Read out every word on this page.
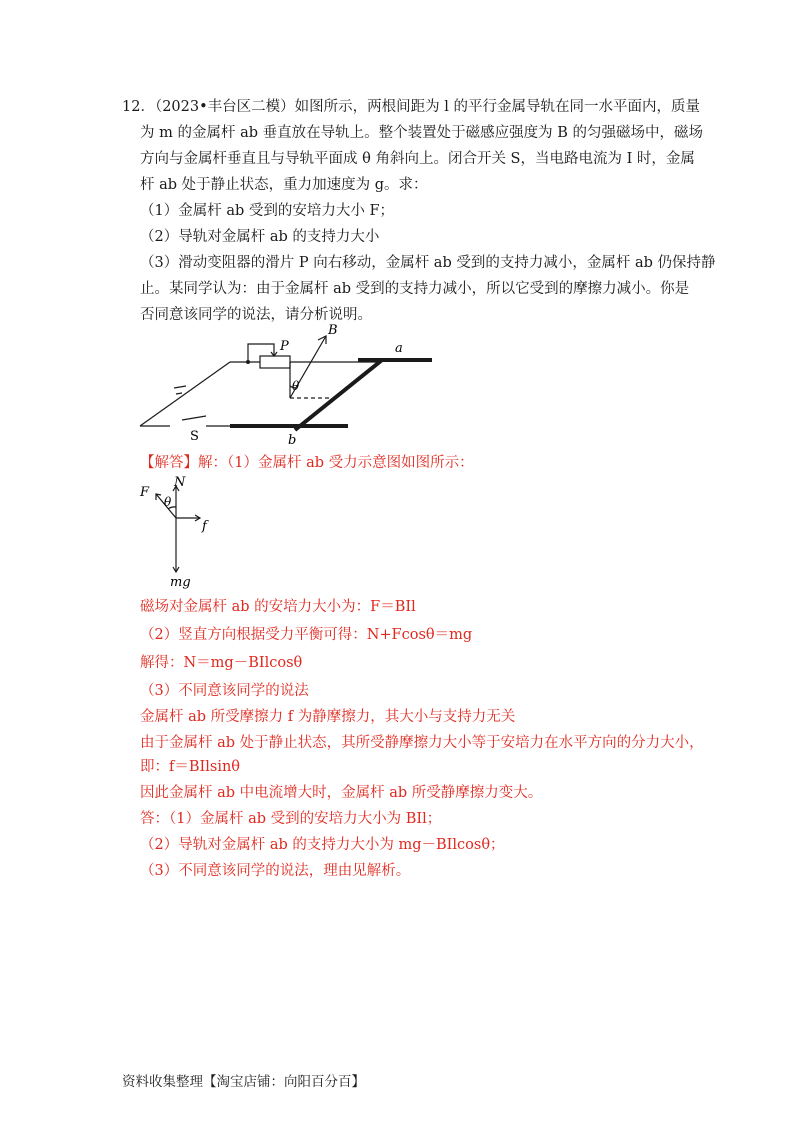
12．（2023•丰台区二模）如图所示，两根间距为 l 的平行金属导轨在同一水平面内，质量
为 m 的金属杆 ab 垂直放在导轨上。整个装置处于磁感应强度为 B 的匀强磁场中，磁场
方向与金属杆垂直且与导轨平面成 θ 角斜向上。闭合开关 S，当电路电流为 I 时，金属
杆 ab 处于静止状态，重力加速度为 g。求：
（1）金属杆 ab 受到的安培力大小 F；
（2）导轨对金属杆 ab 的支持力大小
（3）滑动变阻器的滑片 P 向右移动，金属杆 ab 受到的支持力减小，金属杆 ab 仍保持静
止。某同学认为：由于金属杆 ab 受到的支持力减小，所以它受到的摩擦力减小。你是
否同意该同学的说法，请分析说明。
P
B
a
θ
S	b
【解答】解：（1）金属杆 ab 受力示意图如图所示：
F
N
θ
f
mg
磁场对金属杆 ab 的安培力大小为：F＝BIl
（2）竖直方向根据受力平衡可得：N+Fcosθ＝mg
解得：N＝mg－BIlcosθ
（3）不同意该同学的说法
金属杆 ab 所受摩擦力 f 为静摩擦力，其大小与支持力无关
由于金属杆 ab 处于静止状态，其所受静摩擦力大小等于安培力在水平方向的分力大小，
即：f＝BIlsinθ
因此金属杆 ab 中电流增大时，金属杆 ab 所受静摩擦力变大。
答：（1）金属杆 ab 受到的安培力大小为 BIl；
（2）导轨对金属杆 ab 的支持力大小为 mg－BIlcosθ；
（3）不同意该同学的说法，理由见解析。
资料收集整理【淘宝店铺：向阳百分百】
